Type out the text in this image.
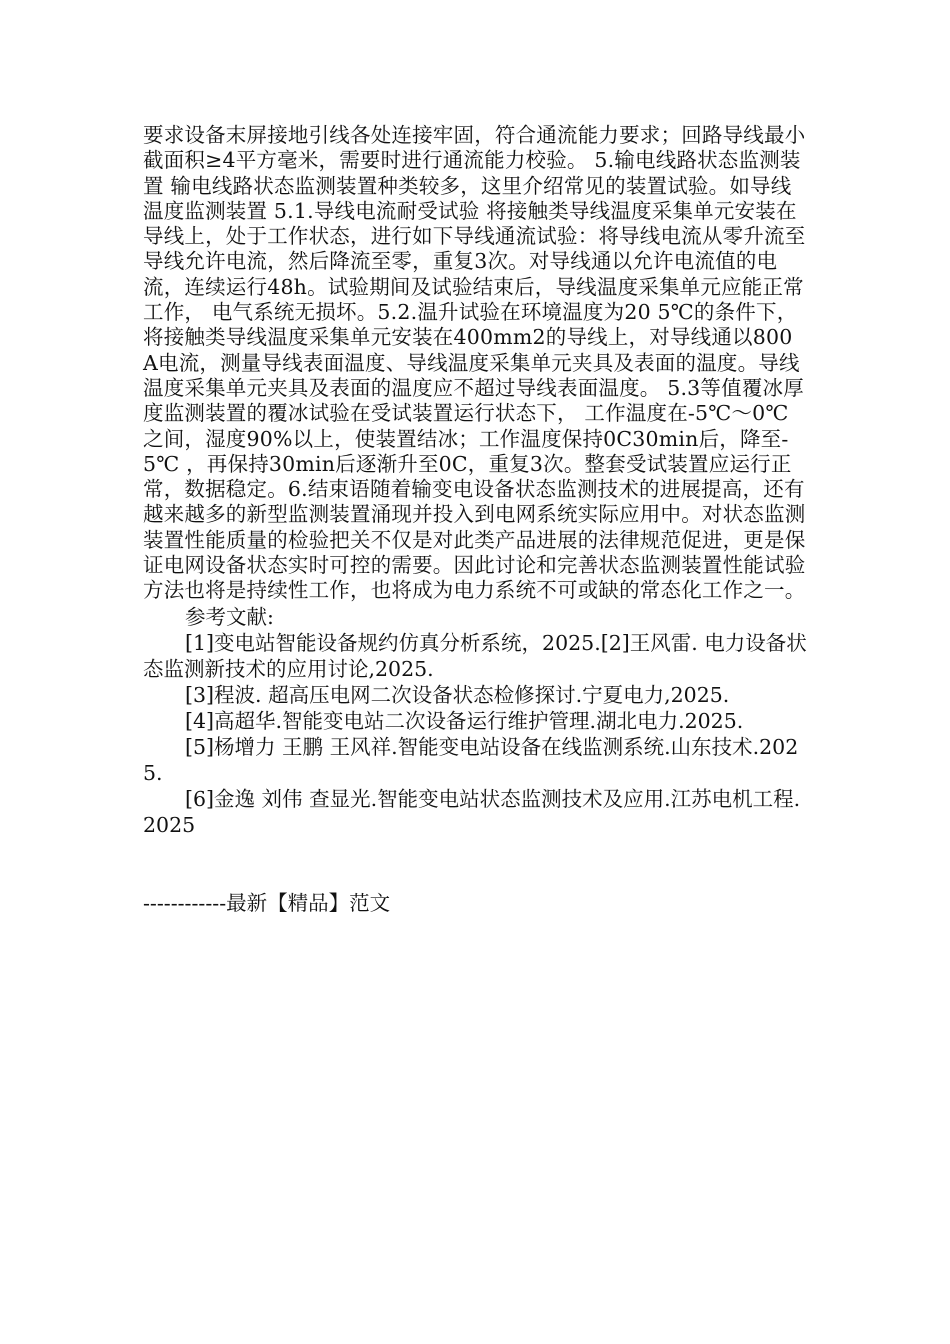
要求设备末屏接地引线各处连接牢固，符合通流能力要求；回路导线最小截面积≥4平方毫米，需要时进行通流能力校验。 5.输电线路状态监测装置 输电线路状态监测装置种类较多，这里介绍常见的装置试验。如导线温度监测装置 5.1.导线电流耐受试验 将接触类导线温度采集单元安装在导线上，处于工作状态，进行如下导线通流试验：将导线电流从零升流至导线允许电流，然后降流至零，重复3次。对导线通以允许电流值的电流，连续运行48h。试验期间及试验结束后，导线温度采集单元应能正常工作， 电气系统无损坏。5.2.温升试验在环境温度为20 5℃的条件下，将接触类导线温度采集单元安装在400mm2的导线上，对导线通以800A电流，测量导线表面温度、导线温度采集单元夹具及表面的温度。导线温度采集单元夹具及表面的温度应不超过导线表面温度。 5.3等值覆冰厚度监测装置的覆冰试验在受试装置运行状态下， 工作温度在-5℃～0℃之间，湿度90%以上，使装置结冰；工作温度保持0C30min后，降至-5℃ ，再保持30min后逐渐升至0C，重复3次。整套受试装置应运行正常，数据稳定。6.结束语随着输变电设备状态监测技术的进展提高，还有越来越多的新型监测装置涌现并投入到电网系统实际应用中。对状态监测装置性能质量的检验把关不仅是对此类产品进展的法律规范促进，更是保证电网设备状态实时可控的需要。因此讨论和完善状态监测装置性能试验方法也将是持续性工作，也将成为电力系统不可或缺的常态化工作之一。

参考文献:

[1]变电站智能设备规约仿真分析系统，2025.[2]王风雷. 电力设备状态监测新技术的应用讨论,2025.

[3]程波. 超高压电网二次设备状态检修探讨.宁夏电力,2025.

[4]高超华.智能变电站二次设备运行维护管理.湖北电力.2025.

[5]杨增力 王鹏 王风祥.智能变电站设备在线监测系统.山东技术.2025.

[6]金逸 刘伟 查显光.智能变电站状态监测技术及应用.江苏电机工程.2025

------------最新【精品】范文
